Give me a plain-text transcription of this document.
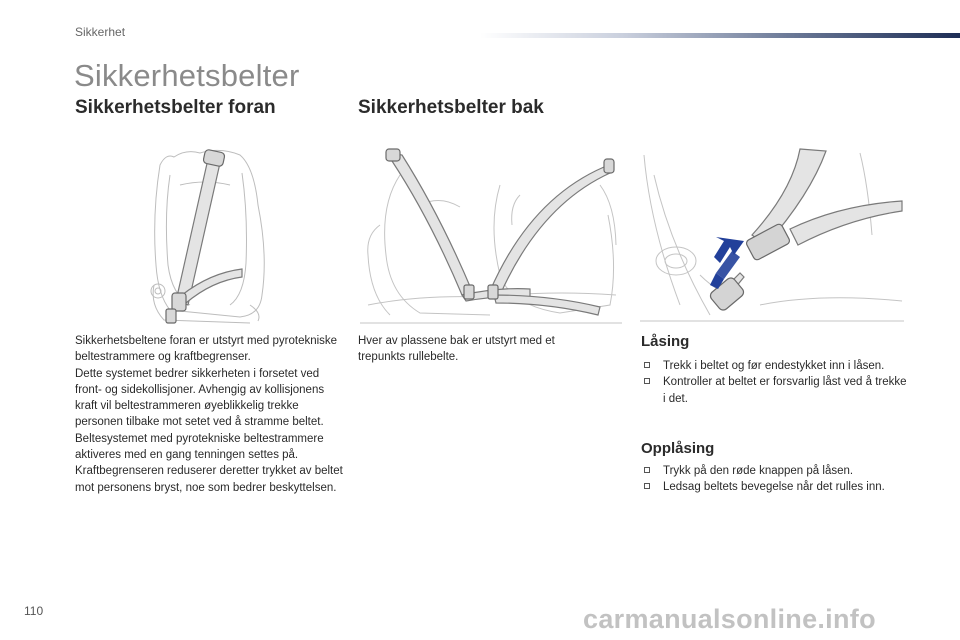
Sikkerhet
Sikkerhetsbelter
Sikkerhetsbelter foran	Sikkerhetsbelter bak
Sikkerhetsbeltene foran er utstyrt med pyrotekniske beltestrammere og kraftbegrenser.
Dette systemet bedrer sikkerheten i forsetet ved front- og sidekollisjoner. Avhengig av kollisjonens kraft vil beltestrammeren øyeblikkelig trekke personen tilbake mot setet ved å stramme beltet.
Beltesystemet med pyrotekniske beltestrammere aktiveres med en gang tenningen settes på.
Kraftbegrenseren reduserer deretter trykket av beltet mot personens bryst, noe som bedrer beskyttelsen.
Hver av plassene bak er utstyrt med et trepunkts rullebelte.
Låsing
Trekk i beltet og før endestykket inn i låsen.
Kontroller at beltet er forsvarlig låst ved å trekke i det.
Opplåsing
Trykk på den røde knappen på låsen.
Ledsag beltets bevegelse når det rulles inn.
110	carmanualsonline.info
